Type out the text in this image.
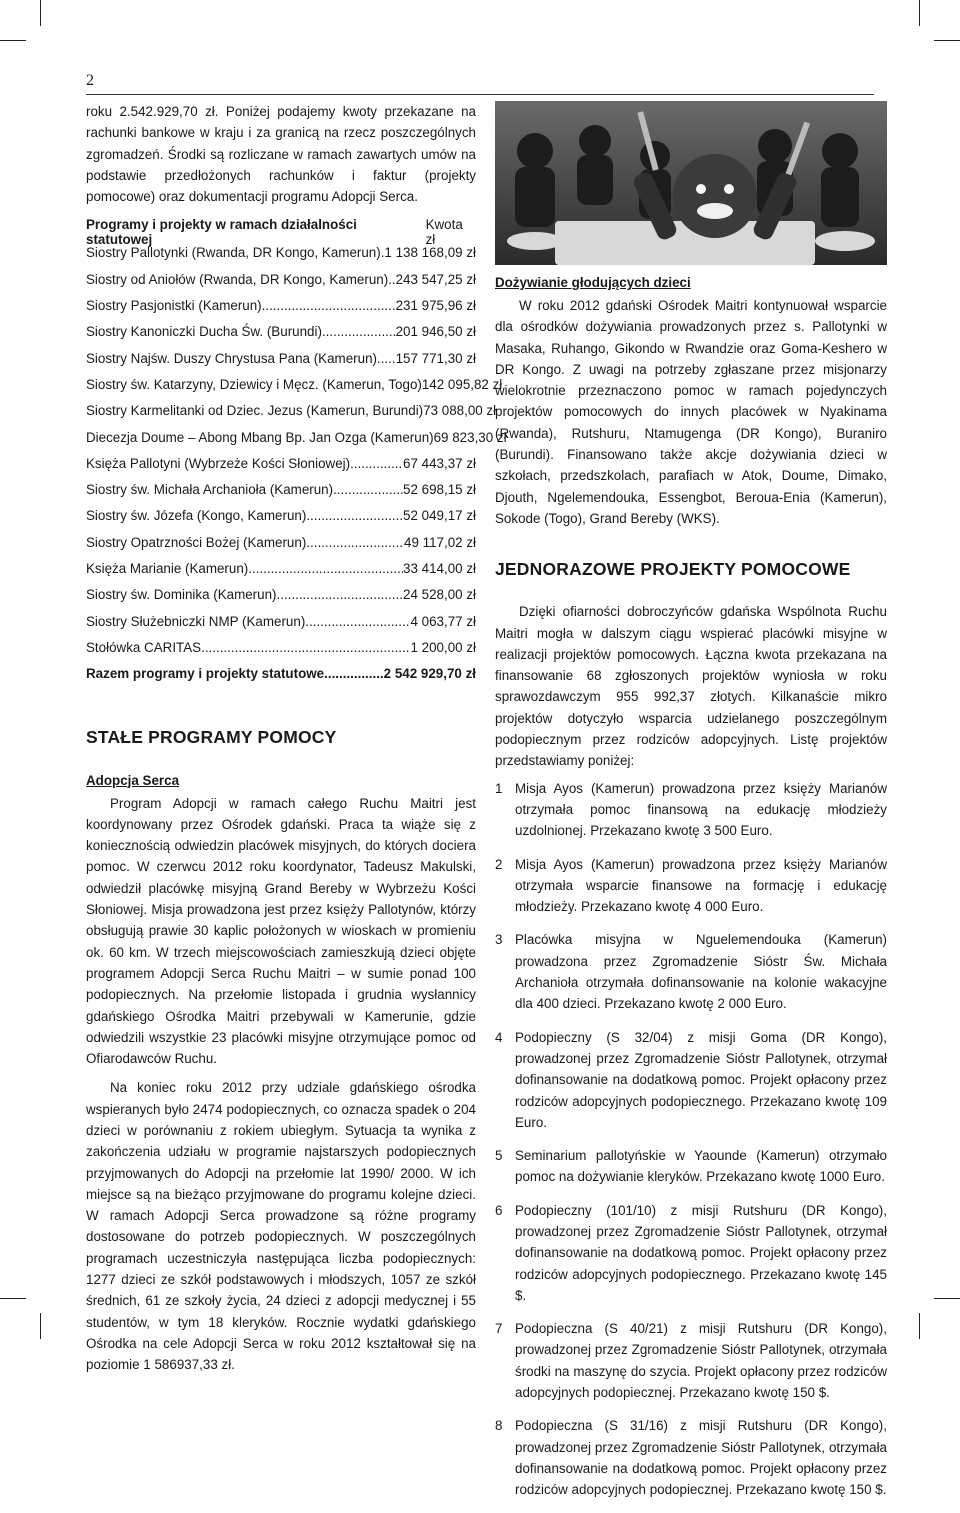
2

roku 2.542.929,70 zł. Poniżej podajemy kwoty przekazane na rachunki bankowe w kraju i za granicą na rzecz poszczególnych zgromadzeń. Środki są rozliczane w ramach zawartych umów na podstawie przedłożonych rachunków i faktur (projekty pomocowe) oraz dokumentacji programu Adopcji Serca.

Programy i projekty w ramach działalności statutowej
Kwota zł
Siostry Pallotynki (Rwanda, DR Kongo, Kamerun) ..... 1 138 168,09 zł
Siostry od Aniołów (Rwanda, DR Kongo, Kamerun) ..... 243 547,25 zł
Siostry Pasjonistki (Kamerun) .....	231 975,96 zł
Siostry Kanoniczki Ducha Św. (Burundi) .....	201 946,50 zł
Siostry Najśw. Duszy Chrystusa Pana (Kamerun) ..... 157 771,30 zł
Siostry św. Katarzyny, Dziewicy i Męcz. (Kamerun, Togo) 142 095,82 zł
Siostry Karmelitanki od Dziec. Jezus (Kamerun, Burundi) 73 088,00 zł
Diecezja Doume – Abong Mbang Bp. Jan Ozga (Kamerun) 69 823,30 zł
Księża Pallotyni (Wybrzeże Kości Słoniowej) .....	67 443,37 zł
Siostry św. Michała Archanioła (Kamerun) .....	52 698,15 zł
Siostry św. Józefa (Kongo, Kamerun) .....	52 049,17 zł
Siostry Opatrzności Bożej (Kamerun) .....	49 117,02 zł
Księża Marianie (Kamerun) .....	33 414,00 zł
Siostry św. Dominika (Kamerun) .....	24 528,00 zł
Siostry Służebniczki NMP (Kamerun) .....	4 063,77 zł
Stołówka CARITAS .....	1 200,00 zł
Razem programy i projekty statutowe .....	2 542 929,70 zł
STAŁE PROGRAMY POMOCY
Adopcja Serca

Program Adopcji w ramach całego Ruchu Maitri jest koordynowany przez Ośrodek gdański. Praca ta wiąże się z koniecznością odwiedzin placówek misyjnych, do których dociera pomoc. W czerwcu 2012 roku koordynator, Tadeusz Makulski, odwiedził placówkę misyjną Grand Bereby w Wybrzeżu Kości Słoniowej. Misja prowadzona jest przez księży Pallotynów, którzy obsługują prawie 30 kaplic położonych w wioskach w promieniu ok. 60 km. W trzech miejscowościach zamieszkują dzieci objęte programem Adopcji Serca Ruchu Maitri – w sumie ponad 100 podopiecznych. Na przełomie listopada i grudnia wysłannicy gdańskiego Ośrodka Maitri przebywali w Kamerunie, gdzie odwiedzili wszystkie 23 placówki misyjne otrzymujące pomoc od Ofiarodawców Ruchu.

Na koniec roku 2012 przy udziale gdańskiego ośrodka wspieranych było 2474 podopiecznych, co oznacza spadek o 204 dzieci w porównaniu z rokiem ubiegłym. Sytuacja ta wynika z zakończenia udziału w programie najstarszych podopiecznych przyjmowanych do Adopcji na przełomie lat 1990/ 2000. W ich miejsce są na bieżąco przyjmowane do programu kolejne dzieci. W ramach Adopcji Serca prowadzone są różne programy dostosowane do potrzeb podopiecznych. W poszczególnych programach uczestniczyła następująca liczba podopiecznych: 1277 dzieci ze szkół podstawowych i młodszych, 1057 ze szkół średnich, 61 ze szkoły życia, 24 dzieci z adopcji medycznej i 55 studentów, w tym 18 kleryków. Rocznie wydatki gdańskiego Ośrodka na cele Adopcji Serca w roku 2012 kształtował się na poziomie 1 586937,33 zł.

Dożywianie głodujących dzieci

W roku 2012 gdański Ośrodek Maitri kontynuował wsparcie dla ośrodków dożywiania prowadzonych przez s. Pallotynki w Masaka, Ruhango, Gikondo w Rwandzie oraz Goma-Keshero w DR Kongo. Z uwagi na potrzeby zgłaszane przez misjonarzy wielokrotnie przeznaczono pomoc w ramach pojedynczych projektów pomocowych do innych placówek w Nyakinama (Rwanda), Rutshuru, Ntamugenga (DR Kongo), Buraniro (Burundi). Finansowano także akcje dożywiania dzieci w szkołach, przedszkolach, parafiach w Atok, Doume, Dimako, Djouth, Ngelemendouka, Essengbot, Beroua-Enia (Kamerun), Sokode (Togo), Grand Bereby (WKS).

JEDNORAZOWE PROJEKTY POMOCOWE

Dzięki ofiarności dobroczyńców gdańska Wspólnota Ruchu Maitri mogła w dalszym ciągu wspierać placówki misyjne w realizacji projektów pomocowych. Łączna kwota przekazana na finansowanie 68 zgłoszonych projektów wyniosła w roku sprawozdawczym 955 992,37 złotych. Kilkanaście mikro projektów dotyczyło wsparcia udzielanego poszczególnym podopiecznym przez rodziców adopcyjnych. Listę projektów przedstawiamy poniżej:

1 Misja Ayos (Kamerun) prowadzona przez księży Marianów otrzymała pomoc finansową na edukację młodzieży uzdolnionej. Przekazano kwotę 3 500 Euro.
2 Misja Ayos (Kamerun) prowadzona przez księży Marianów otrzymała wsparcie finansowe na formację i edukację młodzieży. Przekazano kwotę 4 000 Euro.
3 Placówka misyjna w Nguelemendouka (Kamerun) prowadzona przez Zgromadzenie Sióstr Św. Michała Archanioła otrzymała dofinansowanie na kolonie wakacyjne dla 400 dzieci. Przekazano kwotę 2 000 Euro.
4 Podopieczny (S 32/04) z misji Goma (DR Kongo), prowadzonej przez Zgromadzenie Sióstr Pallotynek, otrzymał dofinansowanie na dodatkową pomoc. Projekt opłacony przez rodziców adopcyjnych podopiecznego. Przekazano kwotę 109 Euro.
5 Seminarium pallotyńskie w Yaounde (Kamerun) otrzymało pomoc na dożywianie kleryków. Przekazano kwotę 1000 Euro.
6 Podopieczny (101/10) z misji Rutshuru (DR Kongo), prowadzonej przez Zgromadzenie Sióstr Pallotynek, otrzymał dofinansowanie na dodatkową pomoc. Projekt opłacony przez rodziców adopcyjnych podopiecznego. Przekazano kwotę 145 $.
7 Podopieczna (S 40/21) z misji Rutshuru (DR Kongo), prowadzonej przez Zgromadzenie Sióstr Pallotynek, otrzymała środki na maszynę do szycia. Projekt opłacony przez rodziców adopcyjnych podopiecznej. Przekazano kwotę 150 $.
8 Podopieczna (S 31/16) z misji Rutshuru (DR Kongo), prowadzonej przez Zgromadzenie Sióstr Pallotynek, otrzymała dofinansowanie na dodatkową pomoc. Projekt opłacony przez rodziców adopcyjnych podopiecznej. Przekazano kwotę 150 $.
